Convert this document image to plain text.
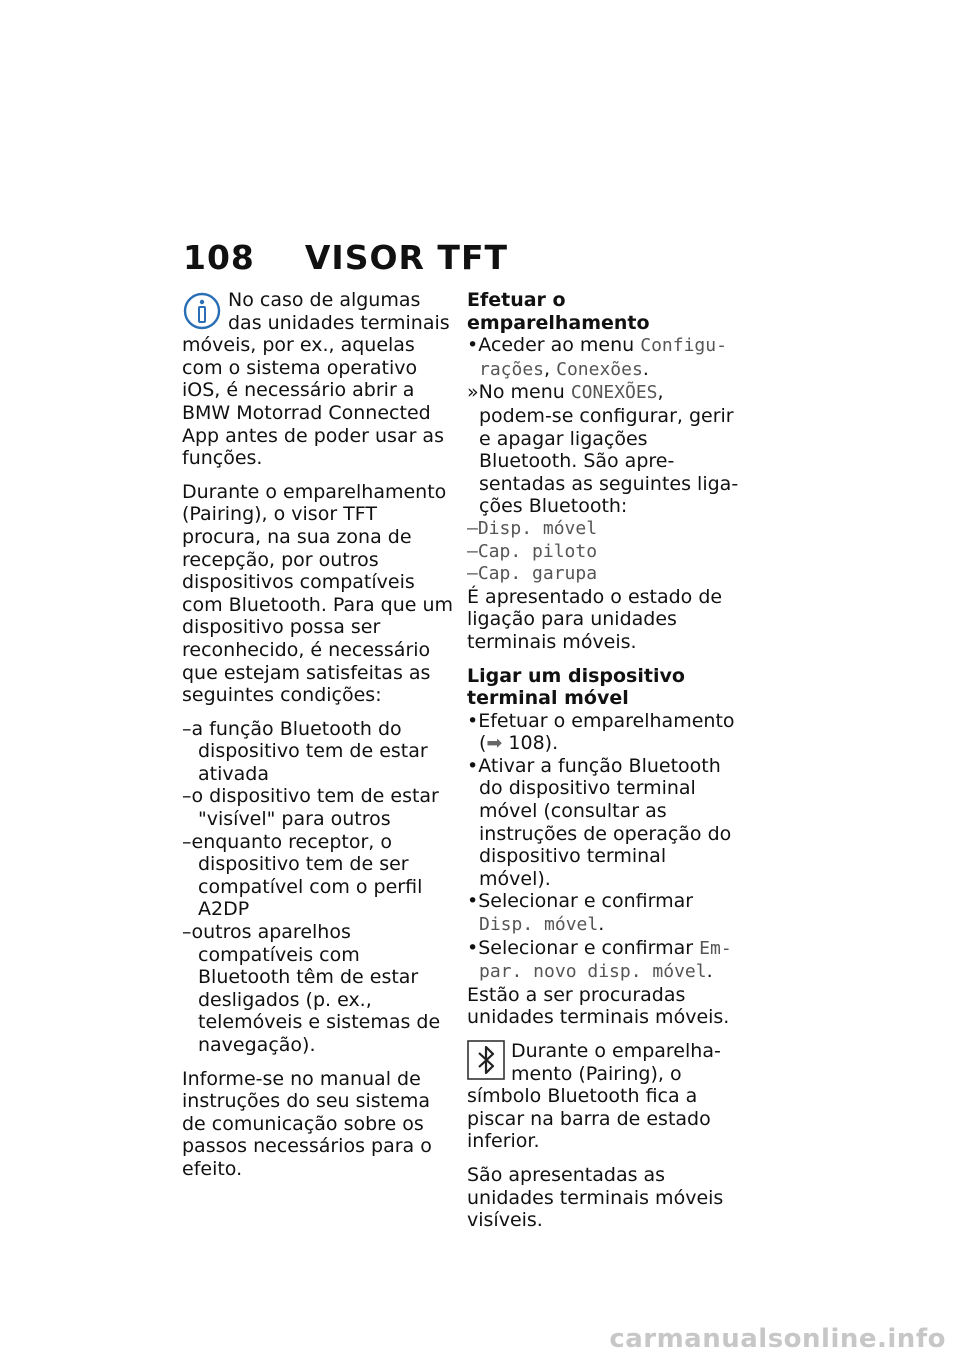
108 VISOR TFT

No caso de algumas das unidades terminais móveis, por ex., aquelas com o sistema operativo iOS, é necessário abrir a BMW Motorrad Connected App antes de poder usar as funções.

Durante o emparelhamento (Pairing), o visor TFT procura, na sua zona de recepção, por outros dispositivos compatíveis com Bluetooth. Para que um dispositivo possa ser reconhecido, é necessário que estejam satisfeitas as seguintes condições:

–a função Bluetooth do dispositivo tem de estar ativada
–o dispositivo tem de estar "visível" para outros
–enquanto receptor, o dispositivo tem de ser compatível com o perfil A2DP
–outros aparelhos compatíveis com Bluetooth têm de estar desligados (p. ex., telemóveis e sistemas de navegação).

Informe-se no manual de instruções do seu sistema de comunicação sobre os passos necessários para o efeito.

Efetuar o emparelhamento

•Aceder ao menu Configurações, Conexões.
»No menu CONEXÕES, podem-se configurar, gerir e apagar ligações Bluetooth. São apresentadas as seguintes ligações Bluetooth:
–Disp. móvel
–Cap. piloto
–Cap. garupa

É apresentado o estado de ligação para unidades terminais móveis.

Ligar um dispositivo terminal móvel

•Efetuar o emparelhamento (➡ 108).
•Ativar a função Bluetooth do dispositivo terminal móvel (consultar as instruções de operação do dispositivo terminal móvel).
•Selecionar e confirmar Disp. móvel.
•Selecionar e confirmar Empar. novo disp. móvel.

Estão a ser procuradas unidades terminais móveis.

Durante o emparelhamento (Pairing), o símbolo Bluetooth fica a piscar na barra de estado inferior.

São apresentadas as unidades terminais móveis visíveis.

carmanualsonline.info
